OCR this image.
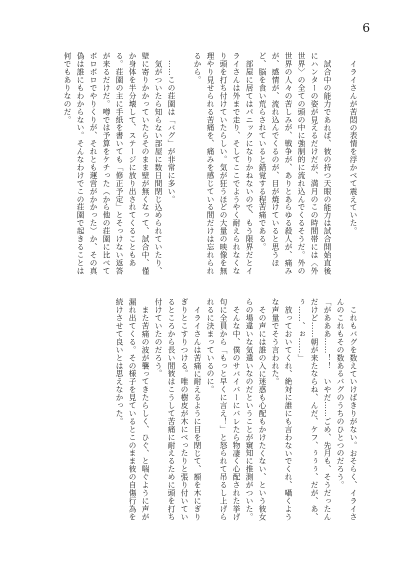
6

イライさんが苦悶の表情を浮かべて震えていた。

試合中の能力であれば、彼の持つ天眼の能力は試合開始直後にハンターの姿が見えるだけだが、満月のこの時間帯には〈外世界〉の全ての頭の中に強制的に流れ込んでくるそうだ。外の世界の人々の苦しみが、戦争が、ありとあらゆる殺人が、痛みが、感情が、流れ込んでくるのが、目が焼けていると思うほど、脳を食い荒らされていると錯覚する程苦痛である。

部屋に居てはパニックになりかねないので、もう限界だとイライさんは外まで走り、そしてここでようやく耐えられなくなり頭を打ち付けていたらしい。気が狂うほどの大量の映像を無理やり見せられる苦痛を、痛みを感じている間だけは忘れられるから。

……この荘園は「バグ」が非常に多い。

気がついたら知らない部屋に数日間閉じ込められていたり、壁に寄りかかっていたらそのまま壁が無くなって、試合中、僅か身体を半分壊して、ステージに放り出されてくることもある。荘園の主に手紙を書いても「修正予定」とそっけない返答が来るだけだ。噂では予算をケチった（から他の荘園に比べてボロボロでやりくりが、それとも運営がかかった）か、その真偽は誰にもわからない。そんなわけでこの荘園で起きることは何でもありなのだ。

これもバグを数えていけばきりがない。おそらく、イライさんのこれもその数あるバグのうちのひとつのだろう。

「があああ……！！　いやだ……ごめ、先月も、そうだったんだけど……朝が来たならね、んだ、ケフ、ぅぅぅ、だが、あ、ぅ……、ぉ……」

放っておいてくれ、絶対に誰にも言わないでくれ、囁くような声量でそう言われた。

その声には誰の入に迷惑も心配もかけたくない、という彼女らの場違いな気遣いなのだということが窺知に推測がついた。

そんな中、僕のサバイバーにバレたら物凄く心配された挙げ句に全員から「もっと早くに言え！」と怒られて吊るし上げられるに決まっているのに。

イライさんは苦痛に耐えるように目を閉じて、額を木にぎりぎりとこすりつける。唯の樹皮が木にべったりと張り付いているところから長い間彼はこうして苦痛に耐えるために頭を打ち付けていたのだろう。

また苦痛の波が襲ってきたらしく、ひぐ、と喘ぐように声が漏れ出てくる。その様子を見ているとこのまま彼の自傷行為を続けさせて良いとは思えなかった。
